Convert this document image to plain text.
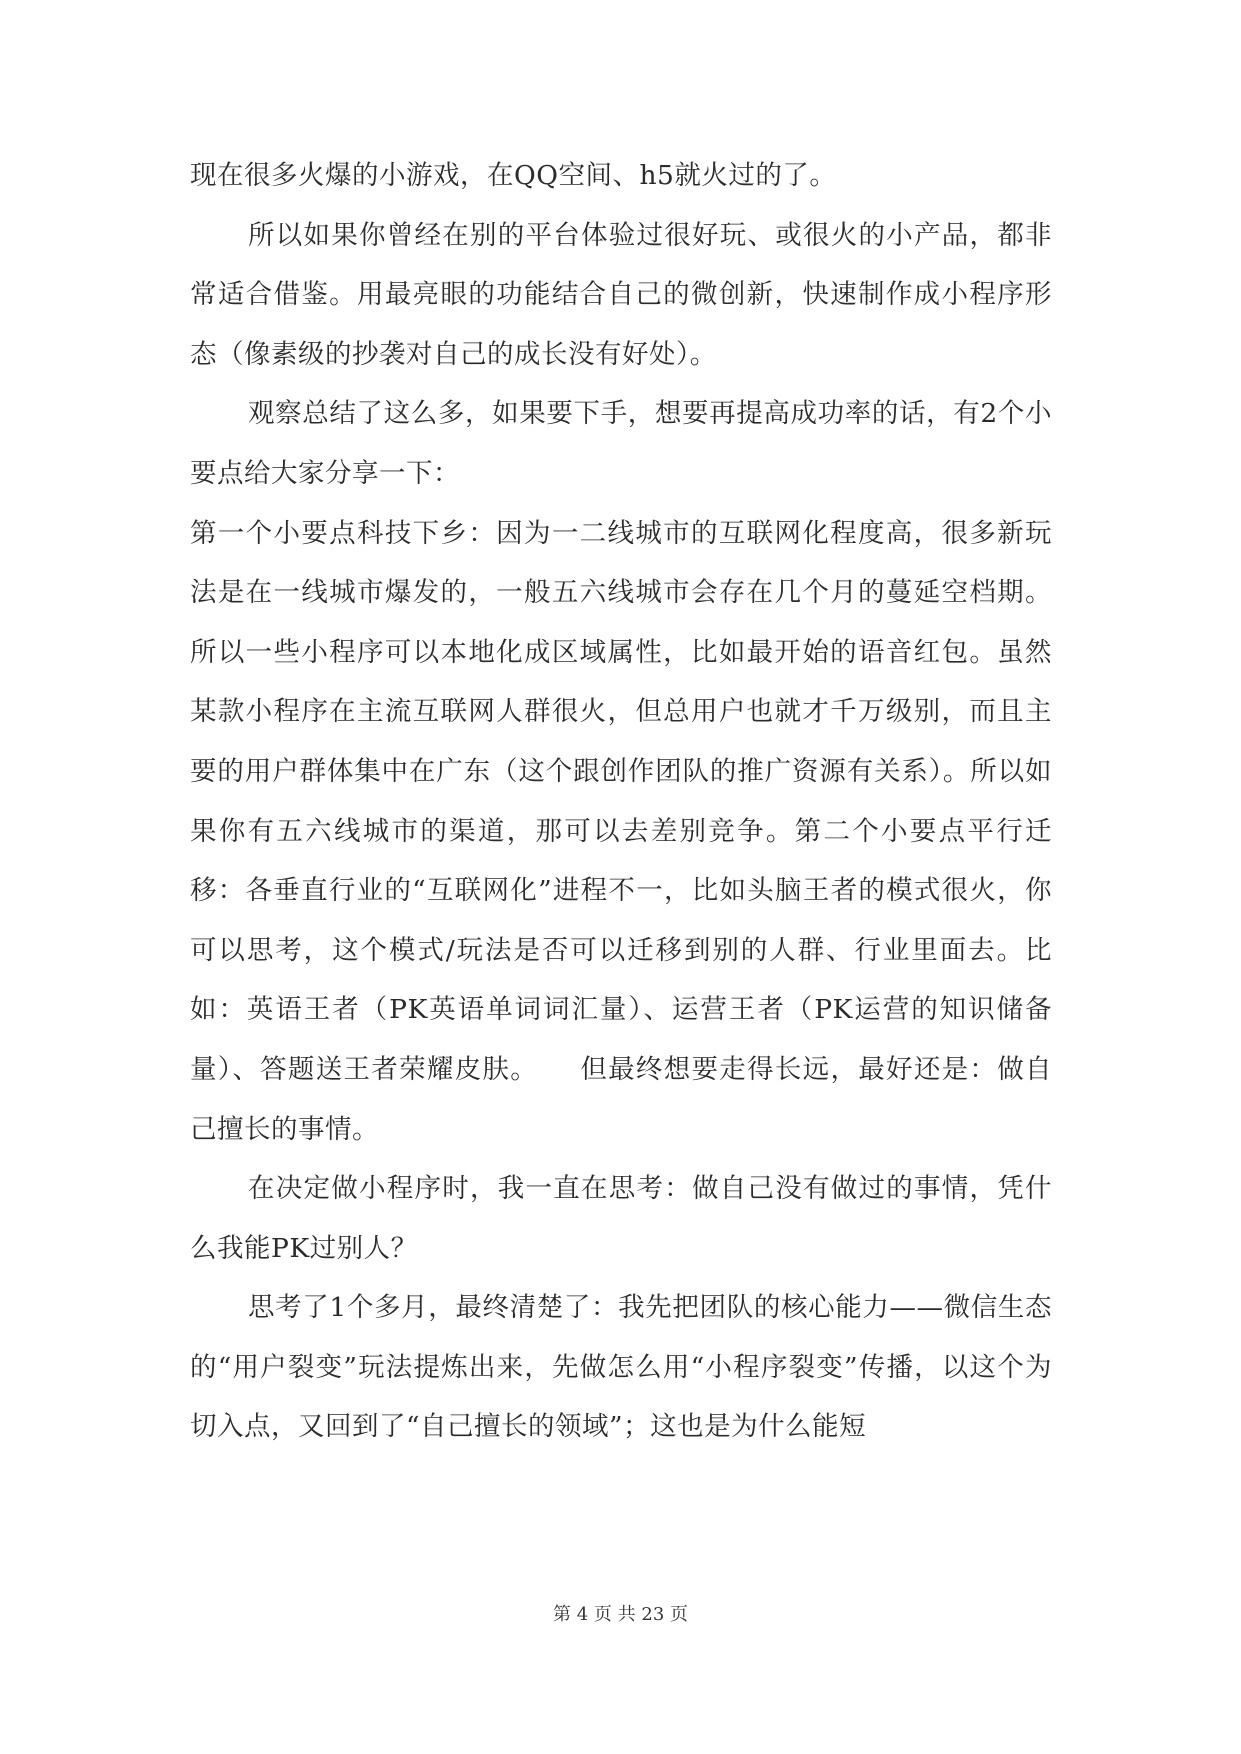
现在很多火爆的小游戏，在QQ空间、h5就火过的了。

所以如果你曾经在别的平台体验过很好玩、或很火的小产品，都非常适合借鉴。用最亮眼的功能结合自己的微创新，快速制作成小程序形态（像素级的抄袭对自己的成长没有好处）。

观察总结了这么多，如果要下手，想要再提高成功率的话，有2个小要点给大家分享一下：

第一个小要点科技下乡：因为一二线城市的互联网化程度高，很多新玩法是在一线城市爆发的，一般五六线城市会存在几个月的蔓延空档期。所以一些小程序可以本地化成区域属性，比如最开始的语音红包。虽然某款小程序在主流互联网人群很火，但总用户也就才千万级别，而且主要的用户群体集中在广东（这个跟创作团队的推广资源有关系）。所以如果你有五六线城市的渠道，那可以去差别竞争。第二个小要点平行迁移：各垂直行业的“互联网化”进程不一，比如头脑王者的模式很火，你可以思考，这个模式/玩法是否可以迁移到别的人群、行业里面去。比如：英语王者（PK英语单词词汇量）、运营王者（PK运营的知识储备量）、答题送王者荣耀皮肤。　　但最终想要走得长远，最好还是：做自己擅长的事情。

在决定做小程序时，我一直在思考：做自己没有做过的事情，凭什么我能PK过别人？

思考了1个多月，最终清楚了：我先把团队的核心能力——微信生态的“用户裂变”玩法提炼出来，先做怎么用“小程序裂变”传播，以这个为切入点，又回到了“自己擅长的领域”；这也是为什么能短

第 4 页 共 23 页
